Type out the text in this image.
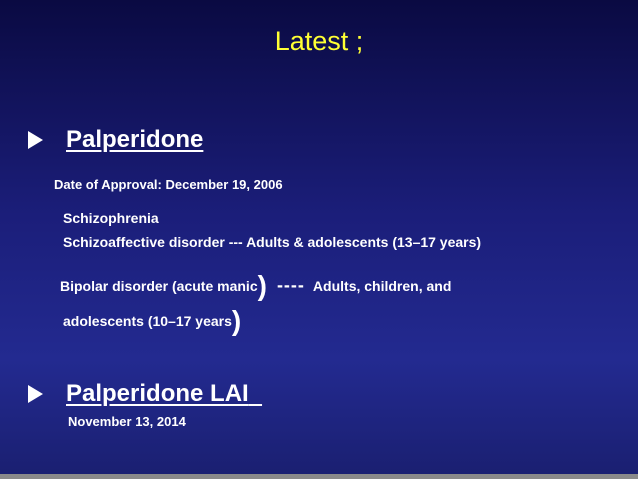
Latest ;
Palperidone
Date of Approval: December 19, 2006
Schizophrenia
Schizoaffective disorder --- Adults & adolescents (13–17 years)
Bipolar disorder (acute manic) ---- Adults, children, and
adolescents (10–17 years)
Palperidone LAI
November 13, 2014
